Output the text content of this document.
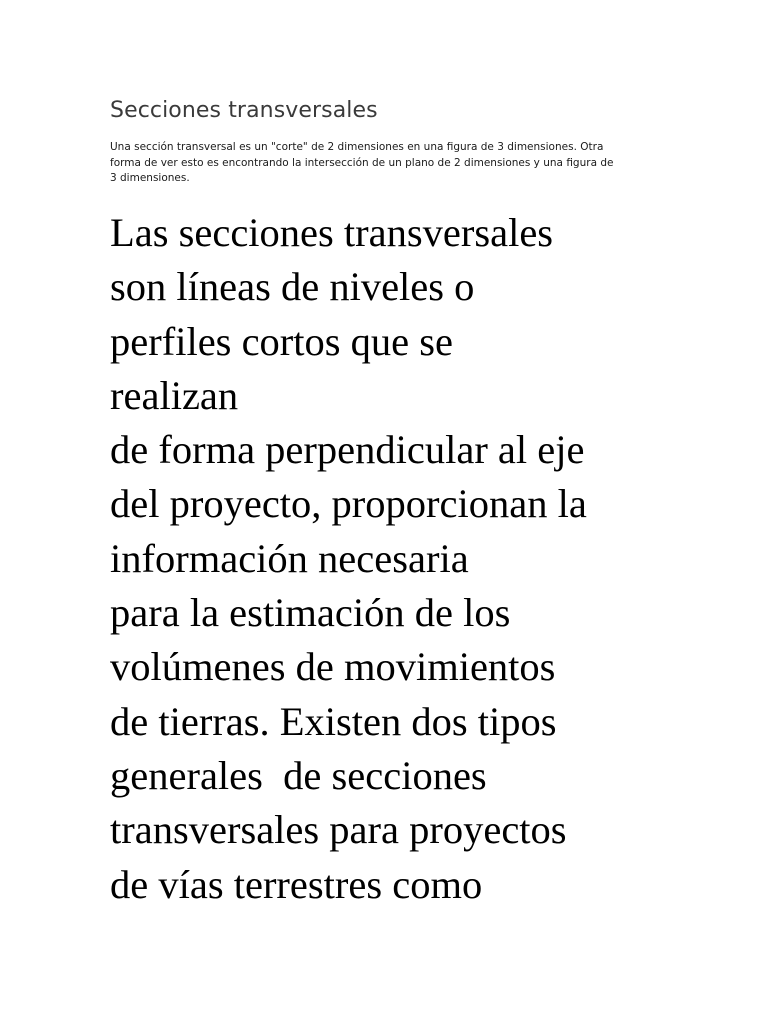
Secciones transversales
Una sección transversal es un "corte" de 2 dimensiones en una figura de 3 dimensiones. Otra
forma de ver esto es encontrando la intersección de un plano de 2 dimensiones y una figura de
3 dimensiones.
Las secciones transversales
son líneas de niveles o
perfiles cortos que se
realizan
de forma perpendicular al eje
del proyecto, proporcionan la
información necesaria
para la estimación de los
volúmenes de movimientos
de tierras. Existen dos tipos
generales  de secciones
transversales para proyectos
de vías terrestres como
